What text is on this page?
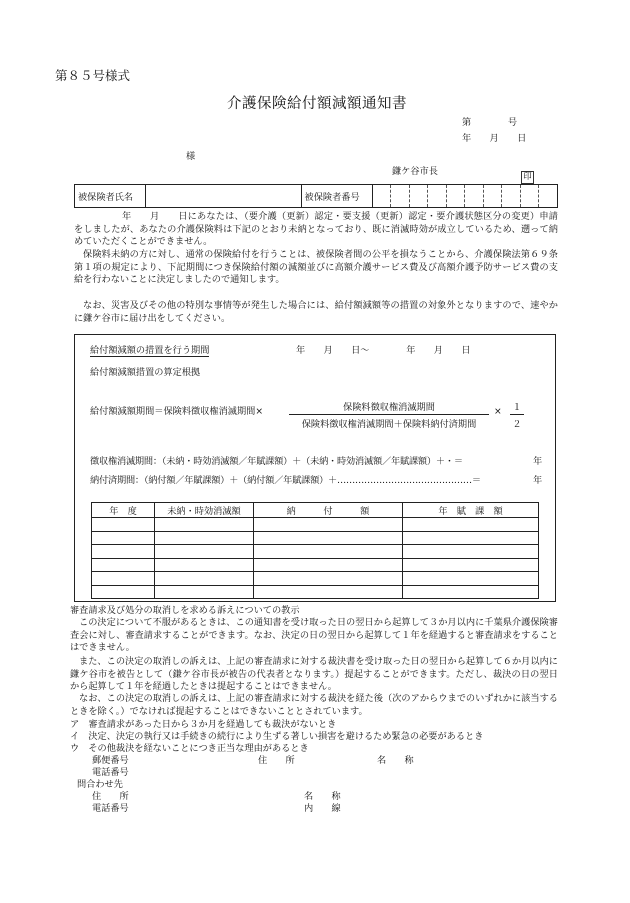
第８５号様式
介護保険給付額減額通知書
第　　　　号
年　　月　　日
様
鎌ケ谷市長	印
被保険者氏名		被保険者番号										
年　　月　　日にあなたは、（要介護（更新）認定・要支援（更新）認定・要介護状態区分の変更）申請をしましたが、あなたの介護保険料は下記のとおり未納となっており、既に消滅時効が成立しているため、遡って納めていただくことができません。
保険料未納の方に対し、通常の保険給付を行うことは、被保険者間の公平を損なうことから、介護保険法第６９条第１項の規定により、下記期間につき保険給付額の減額並びに高額介護サービス費及び高額介護予防サービス費の支給を行わないことに決定しましたので通知します。
なお、災害及びその他の特別な事情等が発生した場合には、給付額減額等の措置の対象外となりますので、速やかに鎌ケ谷市に届け出をしてください。
給付額減額の措置を行う期間	年　　月　　日～　　　　年　　月　　日
給付額減額措置の算定根拠
給付額減額期間＝保険料徴収権消滅期間×	保険料徴収権消滅期間
保険料徴収権消滅期間＋保険料納付済期間
× １
２
徴収権消滅期間：（未納・時効消滅額／年賦課額）＋（未納・時効消滅額／年賦課額）＋・＝	年
納付済期間：（納付額／年賦課額）＋（納付額／年賦課額）＋………………………………………＝	年
年　度	未納・時効消滅額	納　　　付　　　額	年　賦　課　額

審査請求及び処分の取消しを求める訴えについての教示
この決定について不服があるときは、この通知書を受け取った日の翌日から起算して３か月以内に千葉県介護保険審査会に対し、審査請求することができます。なお、決定の日の翌日から起算して１年を経過すると審査請求をすることはできません。
また、この決定の取消しの訴えは、上記の審査請求に対する裁決書を受け取った日の翌日から起算して６か月以内に鎌ケ谷市を被告として（鎌ケ谷市長が被告の代表者となります。）提起することができます。ただし、裁決の日の翌日から起算して１年を経過したときは提起することはできません。
なお、この決定の取消しの訴えは、上記の審査請求に対する裁決を経た後（次のアからウまでのいずれかに該当するときを除く。）でなければ提起することはできないこととされています。
ア　審査請求があった日から３か月を経過しても裁決がないとき
イ　決定、決定の執行又は手続きの続行により生ずる著しい損害を避けるため緊急の必要があるとき
ウ　その他裁決を経ないことにつき正当な理由があるとき
郵便番号	住　　所	名　　称
電話番号
問合わせ先
住　　所	名　　称
電話番号	内　　線
